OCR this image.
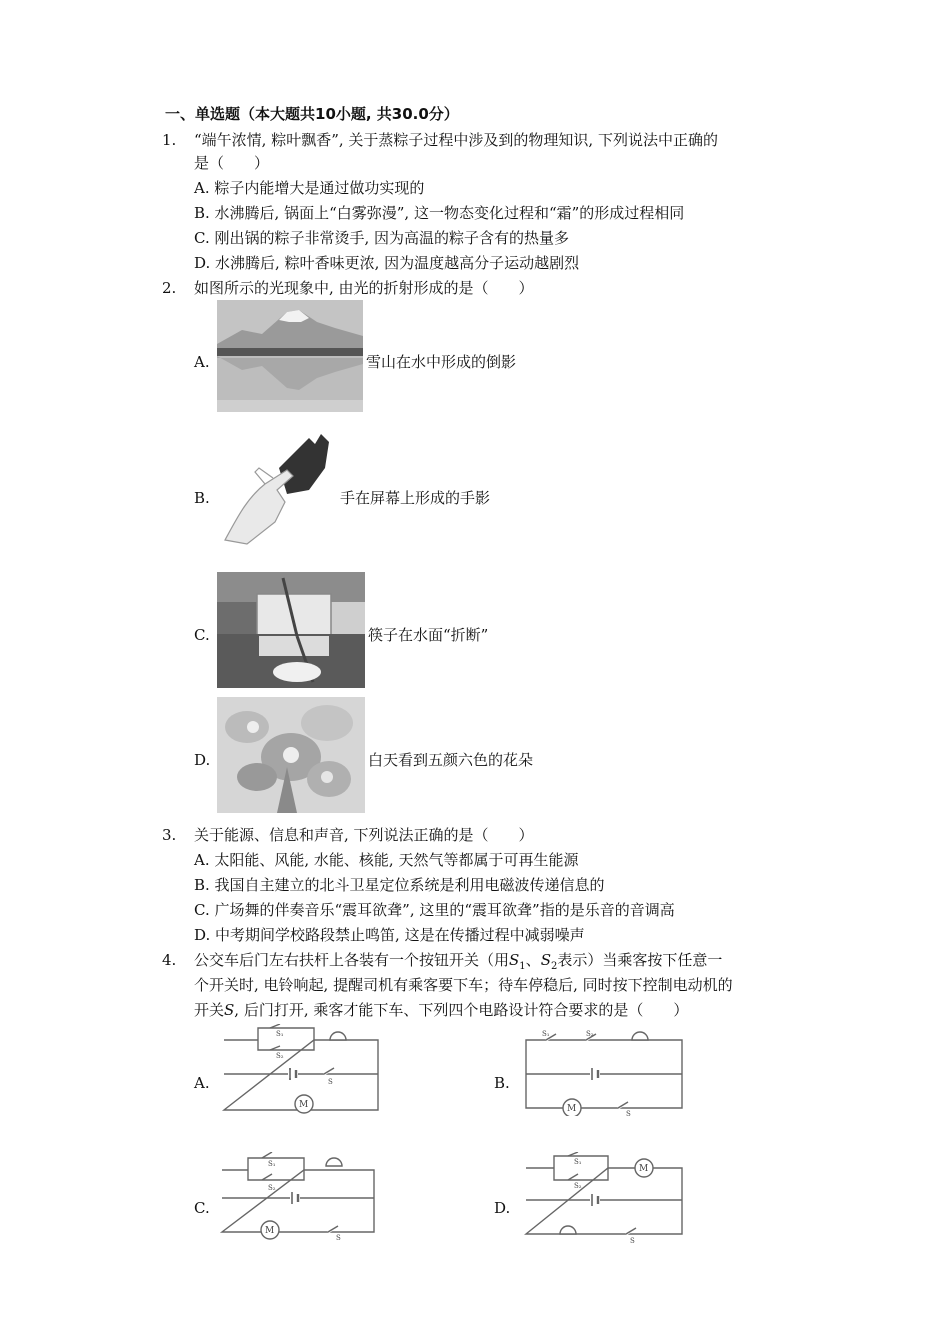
一、单选题（本大题共10小题, 共30.0分）
1. “端午浓情, 粽叶飘香”, 关于蒸粽子过程中涉及到的物理知识, 下列说法中正确的
是（　　）
A. 粽子内能增大是通过做功实现的
B. 水沸腾后, 锅面上“白雾弥漫”, 这一物态变化过程和“霜”的形成过程相同
C. 刚出锅的粽子非常烫手, 因为高温的粽子含有的热量多
D. 水沸腾后, 粽叶香味更浓, 因为温度越高分子运动越剧烈
2. 如图所示的光现象中, 由光的折射形成的是（　　）
A.	雪山在水中形成的倒影
B.	手在屏幕上形成的手影
C.	筷子在水面“折断”
D.	白天看到五颜六色的花朵
3. 关于能源、信息和声音, 下列说法正确的是（　　）
A. 太阳能、风能, 水能、核能, 天然气等都属于可再生能源
B. 我国自主建立的北斗卫星定位系统是利用电磁波传递信息的
C. 广场舞的伴奏音乐“震耳欲聋”, 这里的“震耳欲聋”指的是乐音的音调高
D. 中考期间学校路段禁止鸣笛, 这是在传播过程中减弱噪声
4. 公交车后门左右扶杆上各装有一个按钮开关（用$S_1$、$S_2$表示）当乘客按下任意一
个开关时, 电铃响起, 提醒司机有乘客要下车；待车停稳后, 同时按下控制电动机的
开关S, 后门打开, 乘客才能下车、下列四个电路设计符合要求的是（　　）
A.
M
S₁
S₂
S	B.
M
S₁	S₂
S
C.
M
S₁
S₂
S
D.
M
S₁
S₂
S
